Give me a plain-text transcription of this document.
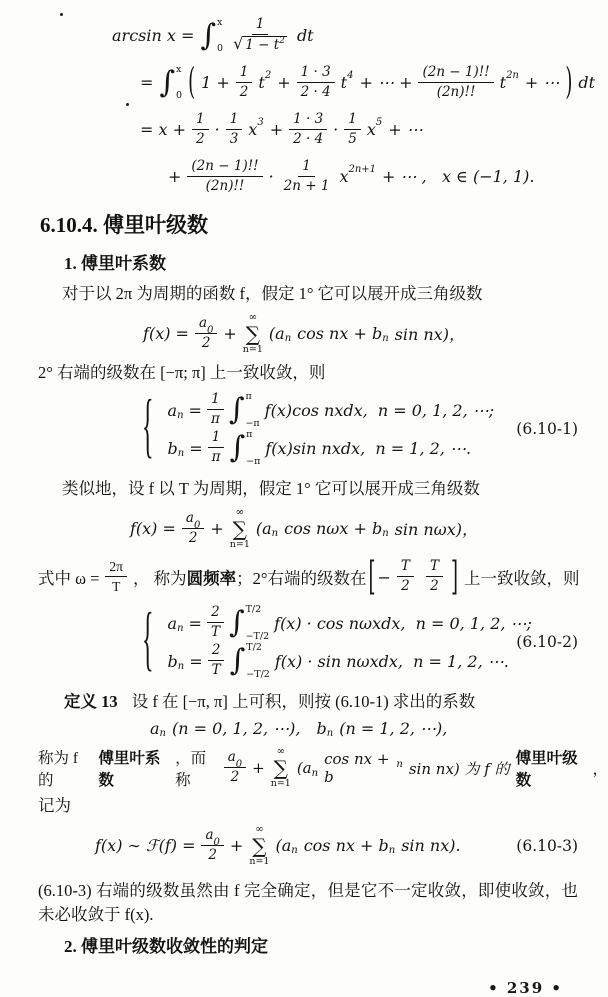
arcsin x = ∫ x
$0 \frac{1}{√ 1 - t 2}$ dt
= ∫ x
0 ( $1 + \frac{1}{2} t^2 + \frac{1 \cdot 3}{2 \cdot 4} t^4$ + ⋯ + $\frac{(2n - 1)!!}{(2n)!!} t^{2n}$ + ⋯ ) dt
= $x + \frac{1}{2} \cdot \frac{1}{3} x^3 + \frac{1 \cdot 3}{2 \cdot 4} \cdot \frac{1}{5} x^5$ + ⋯
+ $\frac{(2n - 1)!!}{(2n)!!} \cdot \frac{1}{2n + 1} x^{2n+1}$ + ⋯ ,   x ∈ (−1, 1).
6.10.4. 傅里叶级数
1. 傅里叶系数

对于以 2π 为周期的函数 f，假定 1° 它可以展开成三角级数

$f(x) = \frac{a_0}{2}$ +
∞
∑
n=1
($a_n$ cos nx + $b_n$ sin nx)，

2° 右端的级数在 [−π; π] 上一致收敛，则

{ $a_n = \frac{1}{\pi}$ ∫ π
−π
f(x)cos nxdx,  n = 0, 1, 2, ⋯;
$b_n = \frac{1}{\pi}$ ∫ π
−π
f(x)sin nxdx,  n = 1, 2, ⋯.
(6.10-1)

类似地，设 f 以 T 为周期，假定 1° 它可以展开成三角级数

$f(x) = \frac{a_0}{2}$ +
∞
∑
n=1
($a_n$ $\cos n\omega x + b_n$ sin nωx)，
式中 $\omega = \frac{2\pi}{T}$ ， 称为 圆频率 ；2°右端的级数在 [ − $\frac{T}{2} \frac{T}{2}$ ] 上一致收敛，则
{ $a_n = \frac{2}{T}$ ∫ T/2
−T/2
f(x) · cos nωxdx,  n = 0, 1, 2, ⋯;
$b_n = \frac{2}{T}$ ∫ T/2
−T/2
f(x) · sin nωxdx,  n = 1, 2, ⋯.
(6.10-2)

定义 13 设 f 在 [−π, π] 上可积，则按 (6.10-1) 求出的系数

$a_n$ (n = 0, 1, 2, ⋯), $b_n$ (n = 1, 2, ⋯),
称为 f 的
傅里叶系数
，而称	$\frac{a_0}{2}$ +
∞
∑
n=1
($a_n$
cos nx + b
$^n$ sin nx) 为 f 的
傅里叶级数
，

记为

f(x) ∼ ℱ(f) = $\frac{a_0}{2}$ +
∞
∑
n=1
($a_n$ cos nx + $b_n$ sin nx).	(6.10-3)

(6.10-3) 右端的级数虽然由 f 完全确定，但是它不一定收敛，即使收敛，也未必收敛于 f(x).

2. 傅里叶级数收敛性的判定
• 239 •
